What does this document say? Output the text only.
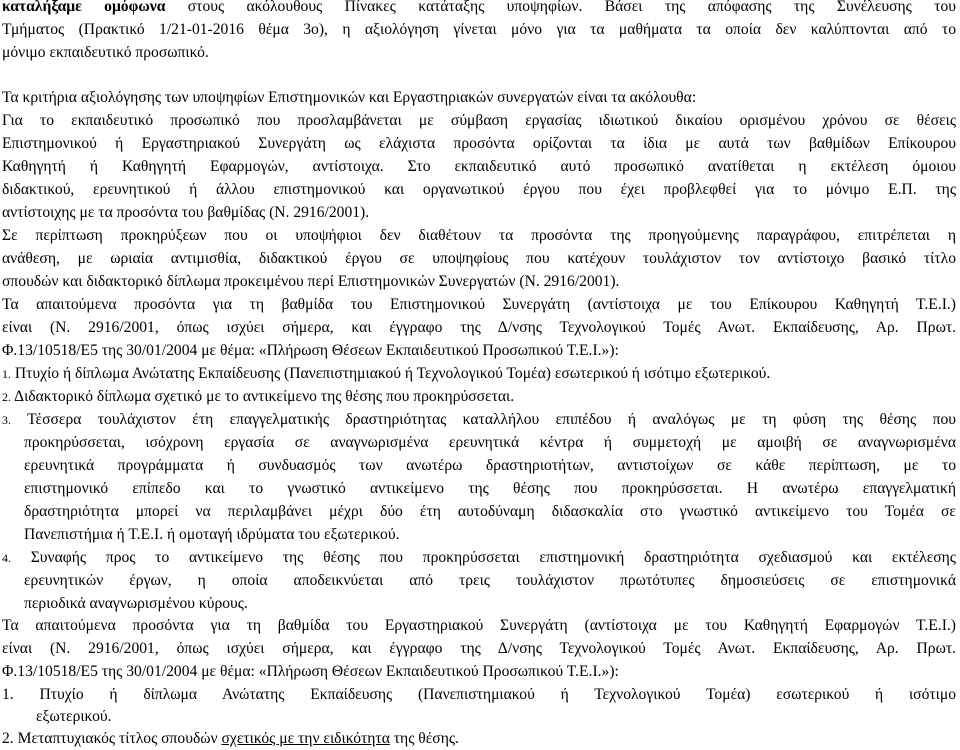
καταλήξαμε ομόφωνα στους ακόλουθους Πίνακες κατάταξης υποψηφίων. Βάσει της απόφασης της Συνέλευσης του
Τμήματος (Πρακτικό 1/21-01-2016 θέμα 3ο), η αξιολόγηση γίνεται μόνο για τα μαθήματα τα οποία δεν καλύπτονται από το
μόνιμο εκπαιδευτικό προσωπικό.
Τα κριτήρια αξιολόγησης των υποψηφίων Επιστημονικών και Εργαστηριακών συνεργατών είναι τα ακόλουθα:
Για το εκπαιδευτικό προσωπικό που προσλαμβάνεται με σύμβαση εργασίας ιδιωτικού δικαίου ορισμένου χρόνου σε θέσεις
Επιστημονικού ή Εργαστηριακού Συνεργάτη ως ελάχιστα προσόντα ορίζονται τα ίδια με αυτά των βαθμίδων Επίκουρου
Καθηγητή ή Καθηγητή Εφαρμογών, αντίστοιχα. Στο εκπαιδευτικό αυτό προσωπικό ανατίθεται η εκτέλεση όμοιου
διδακτικού, ερευνητικού ή άλλου επιστημονικού και οργανωτικού έργου που έχει προβλεφθεί για το μόνιμο Ε.Π. της
αντίστοιχης με τα προσόντα του βαθμίδας (Ν. 2916/2001).
Σε περίπτωση προκηρύξεων που οι υποψήφιοι δεν διαθέτουν τα προσόντα της προηγούμενης παραγράφου, επιτρέπεται η
ανάθεση, με ωριαία αντιμισθία, διδακτικού έργου σε υποψηφίους που κατέχουν τουλάχιστον τον αντίστοιχο βασικό τίτλο
σπουδών και διδακτορικό δίπλωμα προκειμένου περί Επιστημονικών Συνεργατών (Ν. 2916/2001).
Τα απαιτούμενα προσόντα για τη βαθμίδα του Επιστημονικού Συνεργάτη (αντίστοιχα με του Επίκουρου Καθηγητή Τ.Ε.Ι.)
είναι (Ν. 2916/2001, όπως ισχύει σήμερα, και έγγραφο της Δ/νσης Τεχνολογικού Τομές Ανωτ. Εκπαίδευσης, Αρ. Πρωτ.
Φ.13/10518/Ε5 της 30/01/2004 με θέμα: «Πλήρωση Θέσεων Εκπαιδευτικού Προσωπικού Τ.Ε.Ι.»):
1. Πτυχίο ή δίπλωμα Ανώτατης Εκπαίδευσης (Πανεπιστημιακού ή Τεχνολογικού Τομέα) εσωτερικού ή ισότιμο εξωτερικού.
2. Διδακτορικό δίπλωμα σχετικό με το αντικείμενο της θέσης που προκηρύσσεται.
3. Τέσσερα τουλάχιστον έτη επαγγελματικής δραστηριότητας καταλλήλου επιπέδου ή αναλόγως με τη φύση της θέσης που
προκηρύσσεται, ισόχρονη εργασία σε αναγνωρισμένα ερευνητικά κέντρα ή συμμετοχή με αμοιβή σε αναγνωρισμένα
ερευνητικά προγράμματα ή συνδυασμός των ανωτέρω δραστηριοτήτων, αντιστοίχων σε κάθε περίπτωση, με το
επιστημονικό επίπεδο και το γνωστικό αντικείμενο της θέσης που προκηρύσσεται. Η ανωτέρω επαγγελματική
δραστηριότητα μπορεί να περιλαμβάνει μέχρι δύο έτη αυτοδύναμη διδασκαλία στο γνωστικό αντικείμενο του Τομέα σε
Πανεπιστήμια ή Τ.Ε.Ι. ή ομοταγή ιδρύματα του εξωτερικού.
4. Συναφής προς το αντικείμενο της θέσης που προκηρύσσεται επιστημονική δραστηριότητα σχεδιασμού και εκτέλεσης
ερευνητικών έργων, η οποία αποδεικνύεται από τρεις τουλάχιστον πρωτότυπες δημοσιεύσεις σε επιστημονικά
περιοδικά αναγνωρισμένου κύρους.
Τα απαιτούμενα προσόντα για τη βαθμίδα του Εργαστηριακού Συνεργάτη (αντίστοιχα με του Καθηγητή Εφαρμογών Τ.Ε.Ι.)
είναι (Ν. 2916/2001, όπως ισχύει σήμερα, και έγγραφο της Δ/νσης Τεχνολογικού Τομές Ανωτ. Εκπαίδευσης, Αρ. Πρωτ.
Φ.13/10518/Ε5 της 30/01/2004 με θέμα: «Πλήρωση Θέσεων Εκπαιδευτικού Προσωπικού Τ.Ε.Ι.»):
1. Πτυχίο ή δίπλωμα Ανώτατης Εκπαίδευσης (Πανεπιστημιακού ή Τεχνολογικού Τομέα) εσωτερικού ή ισότιμο
εξωτερικού.
2. Μεταπτυχιακός τίτλος σπουδών σχετικός με την ειδικότητα της θέσης.
